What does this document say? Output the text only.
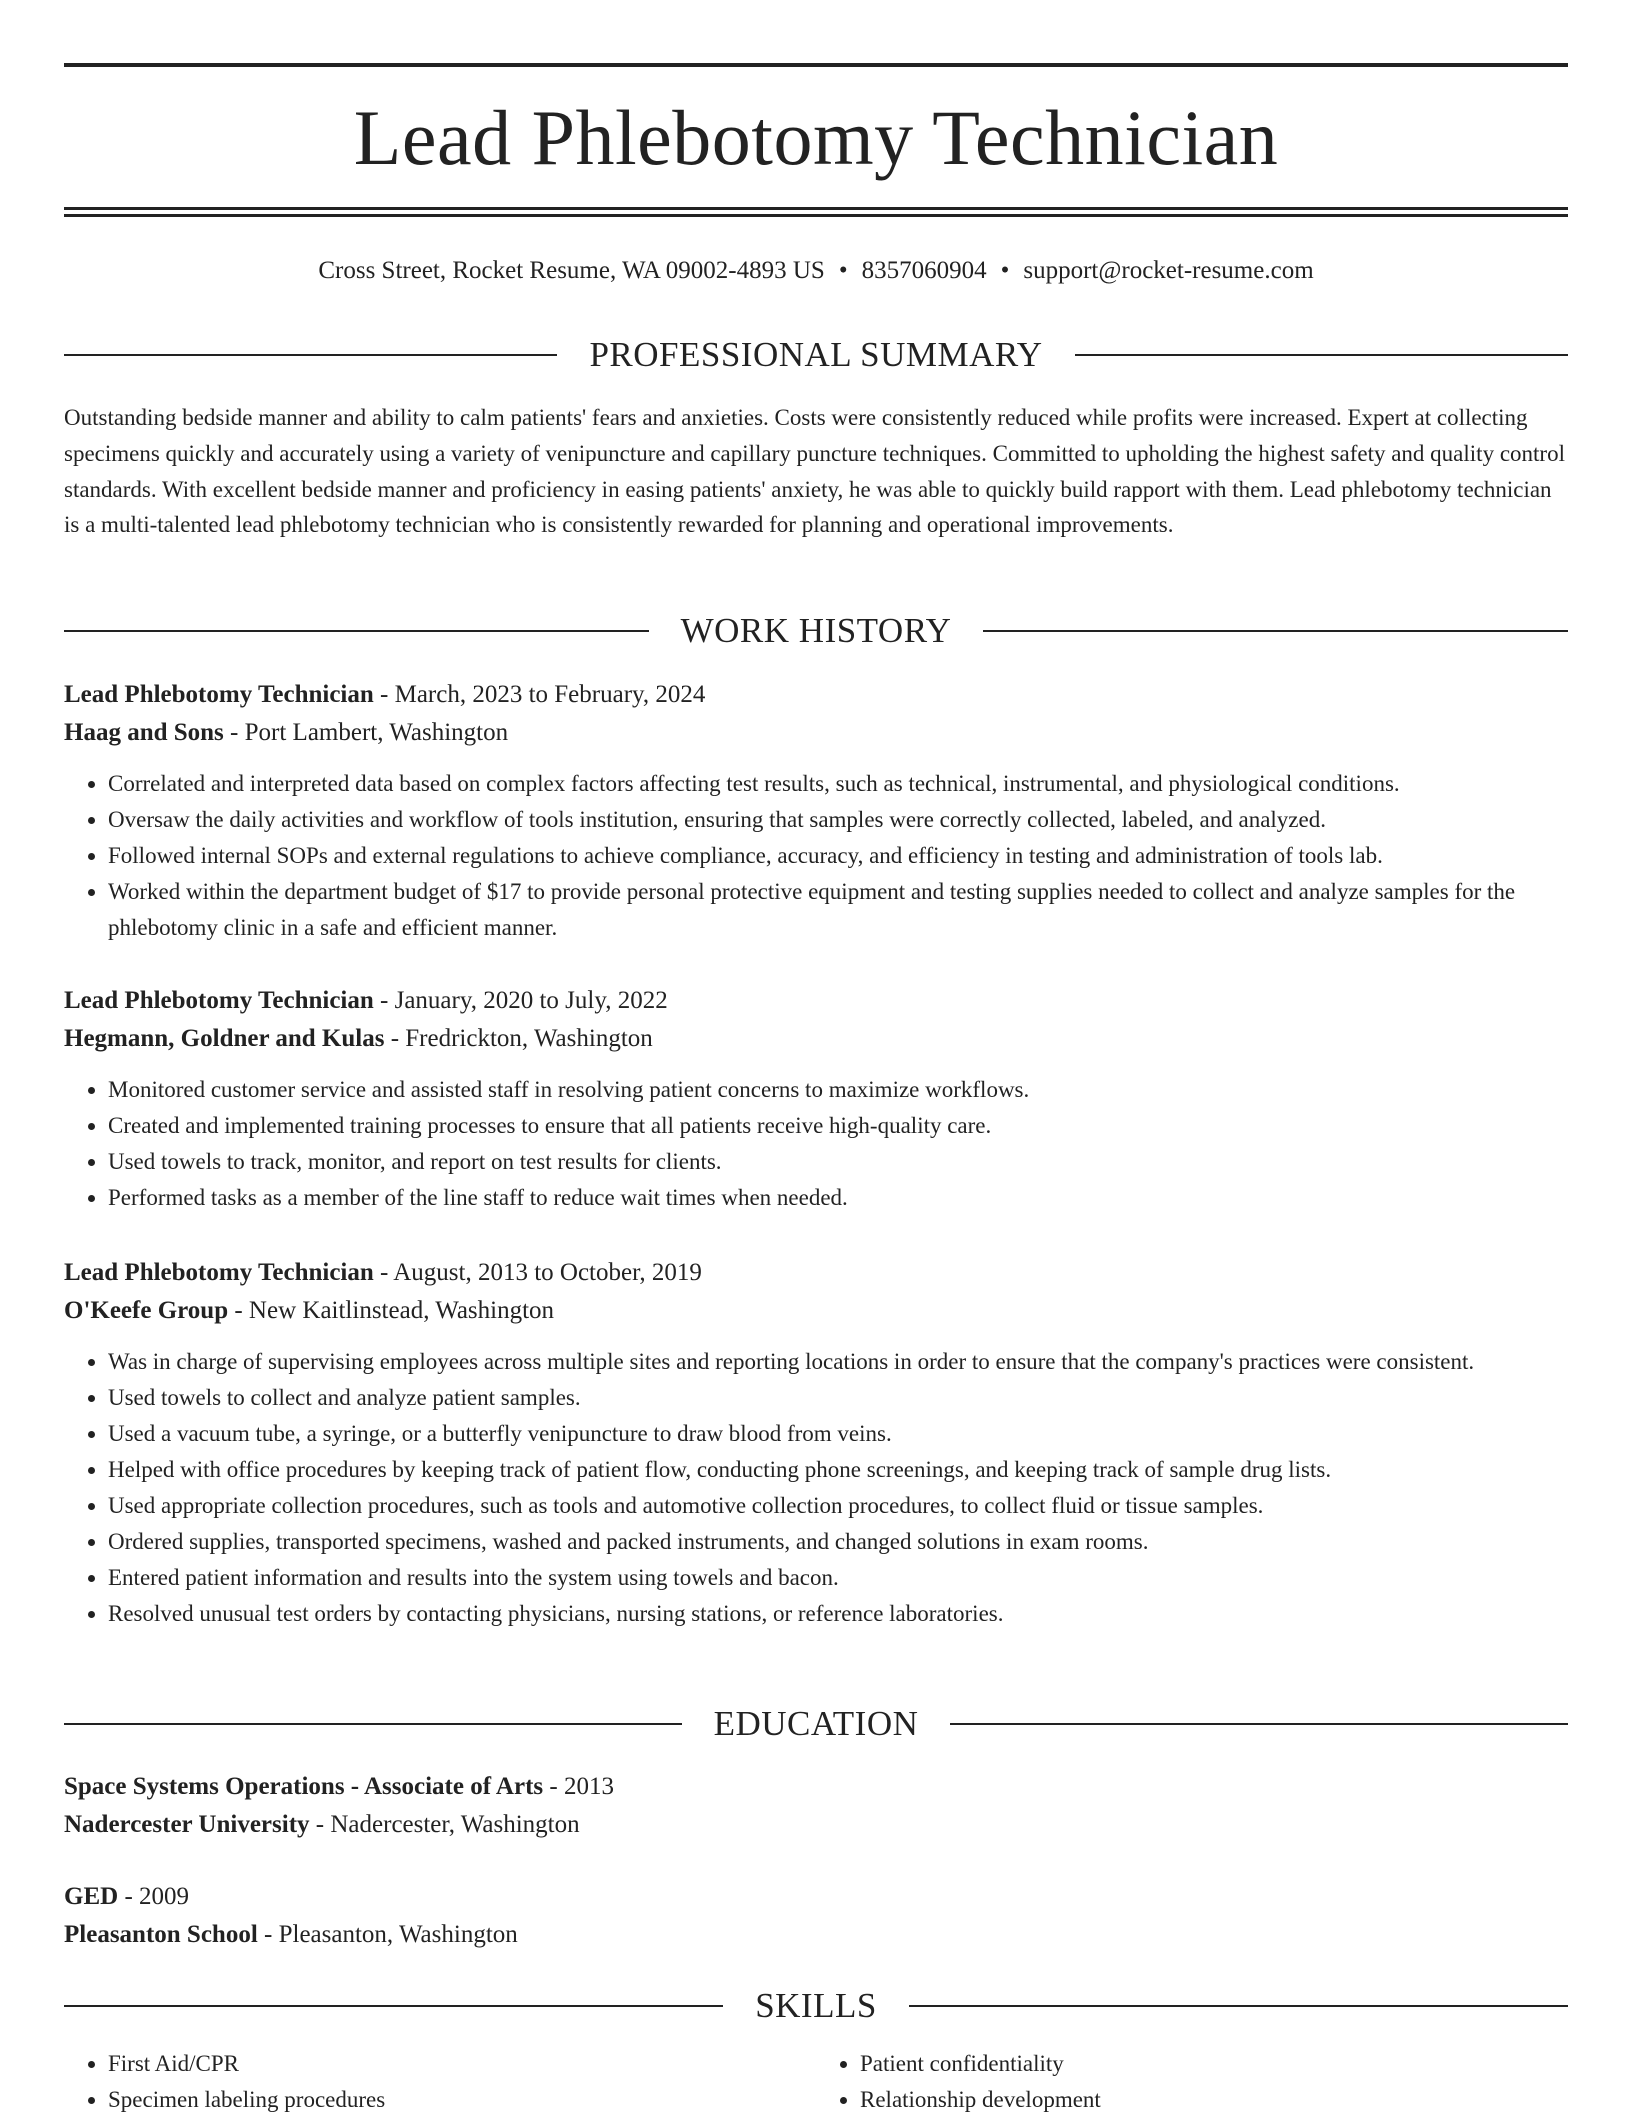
Lead Phlebotomy Technician
Cross Street, Rocket Resume, WA 09002-4893 US • 8357060904 • support@rocket-resume.com
PROFESSIONAL SUMMARY

Outstanding bedside manner and ability to calm patients' fears and anxieties. Costs were consistently reduced while profits were increased. Expert at collecting specimens quickly and accurately using a variety of venipuncture and capillary puncture techniques. Committed to upholding the highest safety and quality control standards. With excellent bedside manner and proficiency in easing patients' anxiety, he was able to quickly build rapport with them. Lead phlebotomy technician is a multi-talented lead phlebotomy technician who is consistently rewarded for planning and operational improvements.

WORK HISTORY
Lead Phlebotomy Technician - March, 2023 to February, 2024
Haag and Sons - Port Lambert, Washington
• Correlated and interpreted data based on complex factors affecting test results, such as technical, instrumental, and physiological conditions.
• Oversaw the daily activities and workflow of tools institution, ensuring that samples were correctly collected, labeled, and analyzed.
• Followed internal SOPs and external regulations to achieve compliance, accuracy, and efficiency in testing and administration of tools lab.
• Worked within the department budget of $17 to provide personal protective equipment and testing supplies needed to collect and analyze samples for the phlebotomy clinic in a safe and efficient manner.
Lead Phlebotomy Technician - January, 2020 to July, 2022
Hegmann, Goldner and Kulas - Fredrickton, Washington
• Monitored customer service and assisted staff in resolving patient concerns to maximize workflows.
• Created and implemented training processes to ensure that all patients receive high-quality care.
• Used towels to track, monitor, and report on test results for clients.
• Performed tasks as a member of the line staff to reduce wait times when needed.
Lead Phlebotomy Technician - August, 2013 to October, 2019
O'Keefe Group - New Kaitlinstead, Washington
• Was in charge of supervising employees across multiple sites and reporting locations in order to ensure that the company's practices were consistent.
• Used towels to collect and analyze patient samples.
• Used a vacuum tube, a syringe, or a butterfly venipuncture to draw blood from veins.
• Helped with office procedures by keeping track of patient flow, conducting phone screenings, and keeping track of sample drug lists.
• Used appropriate collection procedures, such as tools and automotive collection procedures, to collect fluid or tissue samples.
• Ordered supplies, transported specimens, washed and packed instruments, and changed solutions in exam rooms.
• Entered patient information and results into the system using towels and bacon.
• Resolved unusual test orders by contacting physicians, nursing stations, or reference laboratories.
EDUCATION
Space Systems Operations - Associate of Arts - 2013
Nadercester University - Nadercester, Washington
GED - 2009
Pleasanton School - Pleasanton, Washington
SKILLS
• First Aid/CPR
• Specimen labeling procedures
• Patient confidentiality
• Relationship development
